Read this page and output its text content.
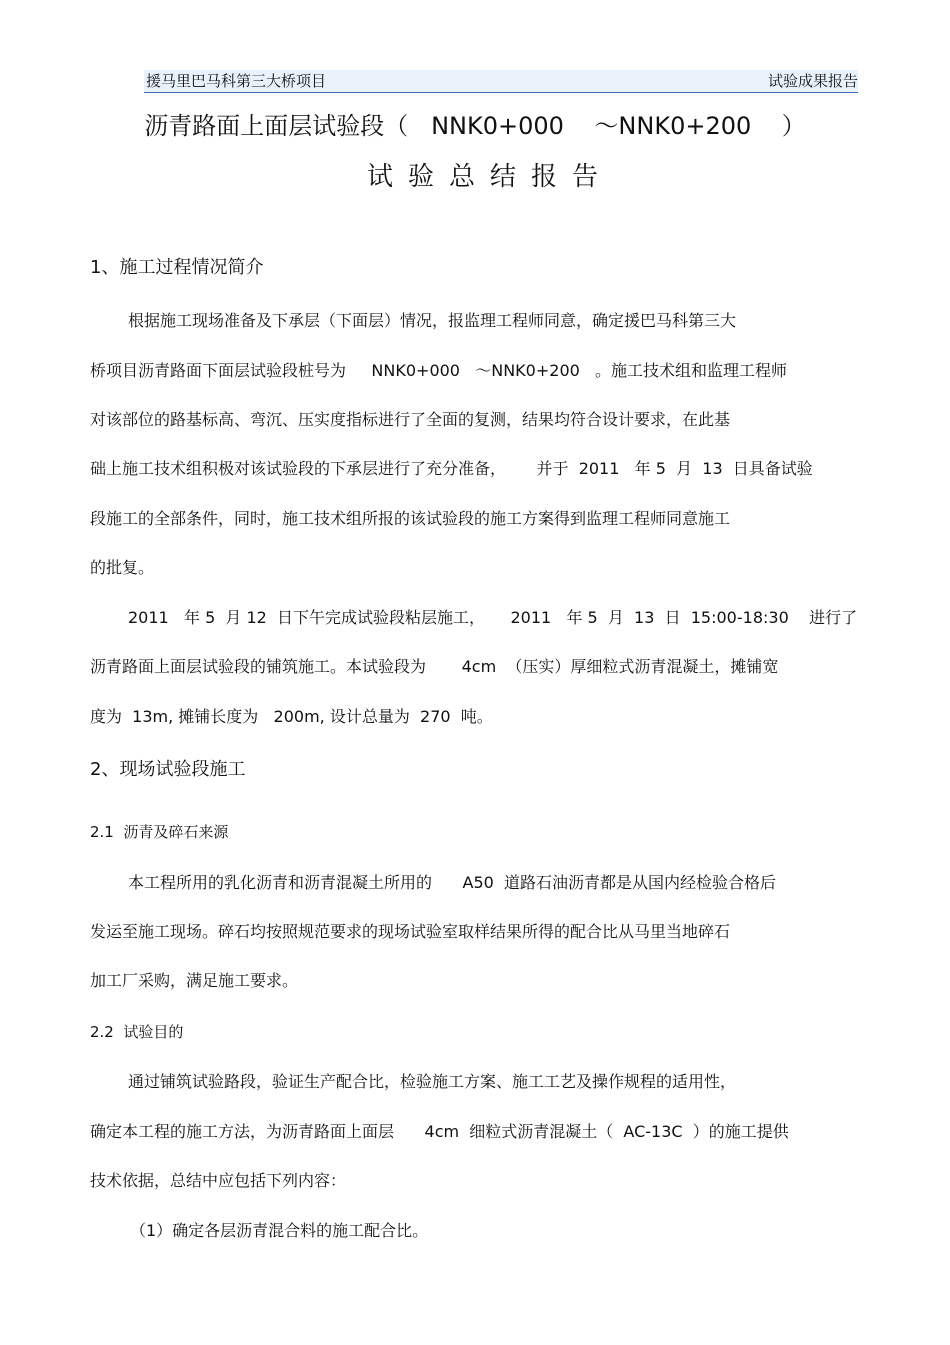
援马里巴马科第三大桥项目	试验成果报告
沥青路面上面层试验段（   NNK0+000    ～NNK0+200    ）
试验总结报告
1、施工过程情况简介
根据施工现场准备及下承层（下面层）情况，报监理工程师同意，确定援巴马科第三大
桥项目沥青路面下面层试验段桩号为     NNK0+000   ～NNK0+200   。施工技术组和监理工程师
对该部位的路基标高、弯沉、压实度指标进行了全面的复测，结果均符合设计要求，在此基
础上施工技术组积极对该试验段的下承层进行了充分准备，      并于  2011   年 5  月  13  日具备试验
段施工的全部条件，同时，施工技术组所报的该试验段的施工方案得到监理工程师同意施工
的批复。
2011   年 5  月 12  日下午完成试验段粘层施工，     2011   年 5  月  13  日  15:00-18:30    进行了
沥青路面上面层试验段的铺筑施工。本试验段为       4cm  （压实）厚细粒式沥青混凝土，摊铺宽
度为  13m, 摊铺长度为   200m, 设计总量为  270  吨。
2、现场试验段施工
2.1  沥青及碎石来源
本工程所用的乳化沥青和沥青混凝土所用的      A50  道路石油沥青都是从国内经检验合格后
发运至施工现场。碎石均按照规范要求的现场试验室取样结果所得的配合比从马里当地碎石
加工厂采购，满足施工要求。
2.2  试验目的
通过铺筑试验路段，验证生产配合比，检验施工方案、施工工艺及操作规程的适用性，
确定本工程的施工方法，为沥青路面上面层      4cm  细粒式沥青混凝土（  AC-13C  ）的施工提供
技术依据，总结中应包括下列内容：
（1）确定各层沥青混合料的施工配合比。
